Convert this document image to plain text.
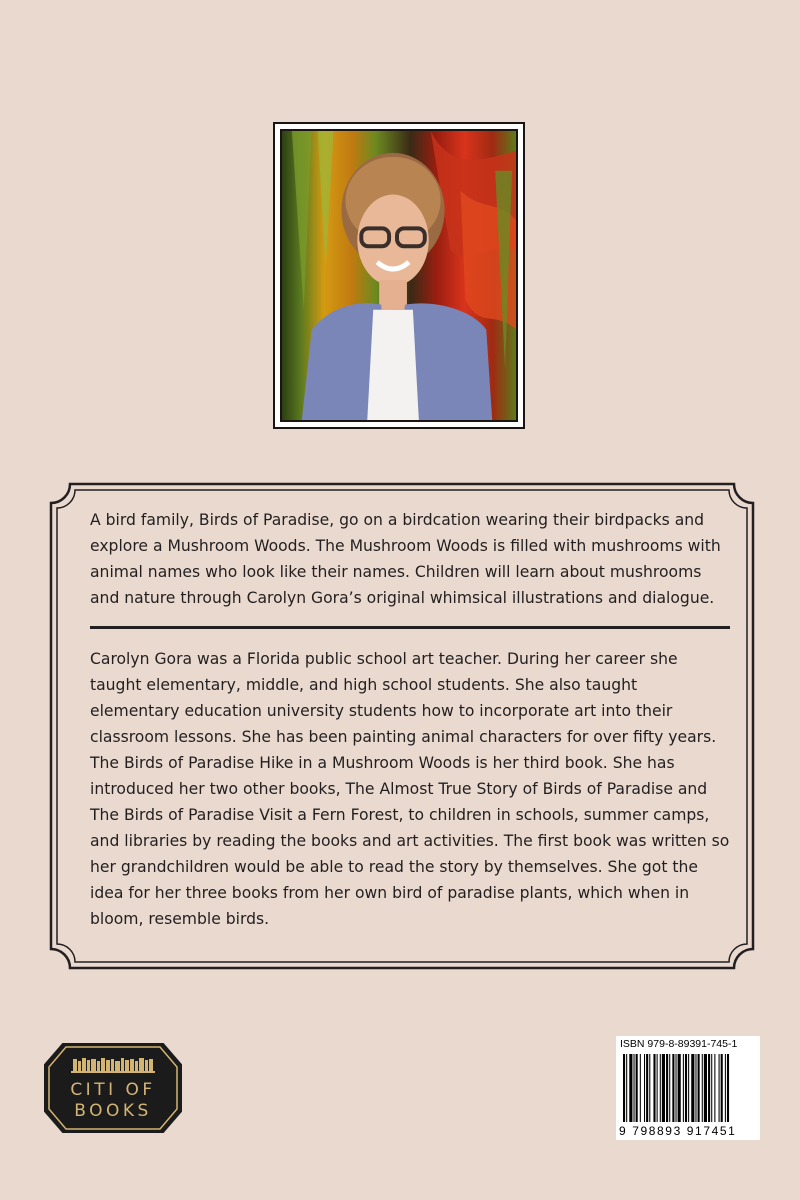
A bird family, Birds of Paradise, go on a birdcation wearing their birdpacks and explore a Mushroom Woods. The Mushroom Woods is filled with mushrooms with animal names who look like their names. Children will learn about mushrooms and nature through Carolyn Gora’s original whimsical illustrations and dialogue.

Carolyn Gora was a Florida public school art teacher. During her career she taught elementary, middle, and high school students. She also taught elementary education university students how to incorporate art into their classroom lessons. She has been painting animal characters for over fifty years. The Birds of Paradise Hike in a Mushroom Woods is her third book. She has introduced her two other books, The Almost True Story of Birds of Paradise and The Birds of Paradise Visit a Fern Forest, to children in schools, summer camps, and libraries by reading the books and art activities. The first book was written so her grandchildren would be able to read the story by themselves. She got the idea for her three books from her own bird of paradise plants, which when in bloom, resemble birds.

CITI OF
BOOKS
ISBN 979-8-89391-745-1
9 798893 917451
